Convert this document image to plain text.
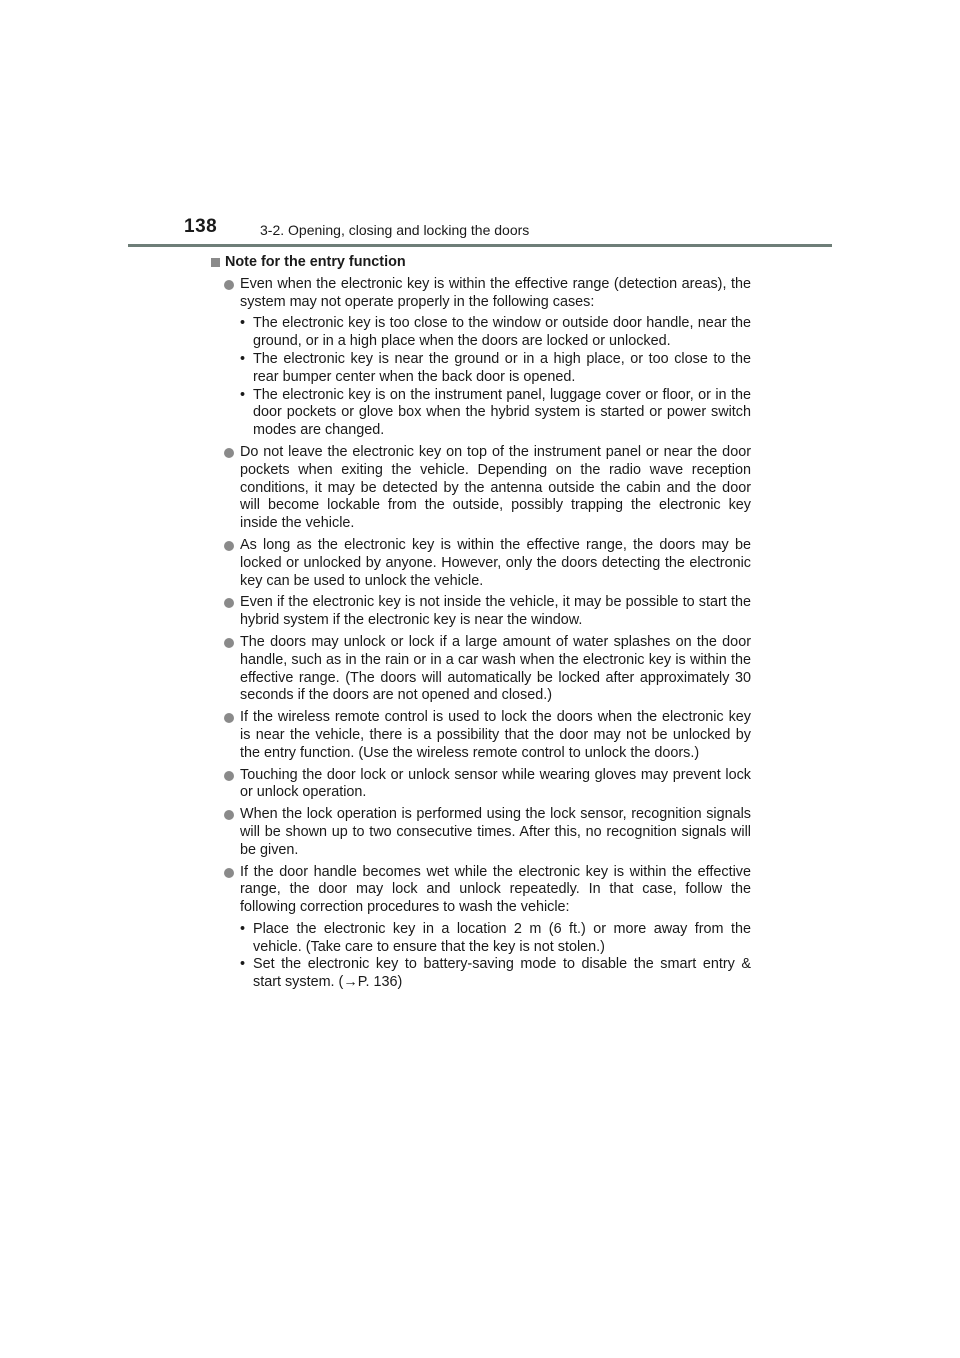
138	3-2. Opening, closing and locking the doors
Note for the entry function
Even when the electronic key is within the effective range (detection areas), the system may not operate properly in the following cases:
• The electronic key is too close to the window or outside door handle, near the ground, or in a high place when the doors are locked or unlocked.
• The electronic key is near the ground or in a high place, or too close to the rear bumper center when the back door is opened.
• The electronic key is on the instrument panel, luggage cover or floor, or in the door pockets or glove box when the hybrid system is started or power switch modes are changed.
Do not leave the electronic key on top of the instrument panel or near the door pockets when exiting the vehicle. Depending on the radio wave reception conditions, it may be detected by the antenna outside the cabin and the door will become lockable from the outside, possibly trapping the electronic key inside the vehicle.
As long as the electronic key is within the effective range, the doors may be locked or unlocked by anyone. However, only the doors detecting the electronic key can be used to unlock the vehicle.
Even if the electronic key is not inside the vehicle, it may be possible to start the hybrid system if the electronic key is near the window.
The doors may unlock or lock if a large amount of water splashes on the door handle, such as in the rain or in a car wash when the electronic key is within the effective range. (The doors will automatically be locked after approximately 30 seconds if the doors are not opened and closed.)
If the wireless remote control is used to lock the doors when the electronic key is near the vehicle, there is a possibility that the door may not be unlocked by the entry function. (Use the wireless remote control to unlock the doors.)
Touching the door lock or unlock sensor while wearing gloves may prevent lock or unlock operation.
When the lock operation is performed using the lock sensor, recognition signals will be shown up to two consecutive times. After this, no recognition signals will be given.
If the door handle becomes wet while the electronic key is within the effective range, the door may lock and unlock repeatedly. In that case, follow the following correction procedures to wash the vehicle:
• Place the electronic key in a location 2 m (6 ft.) or more away from the vehicle. (Take care to ensure that the key is not stolen.)
• Set the electronic key to battery-saving mode to disable the smart entry & start system. (→P. 136)
